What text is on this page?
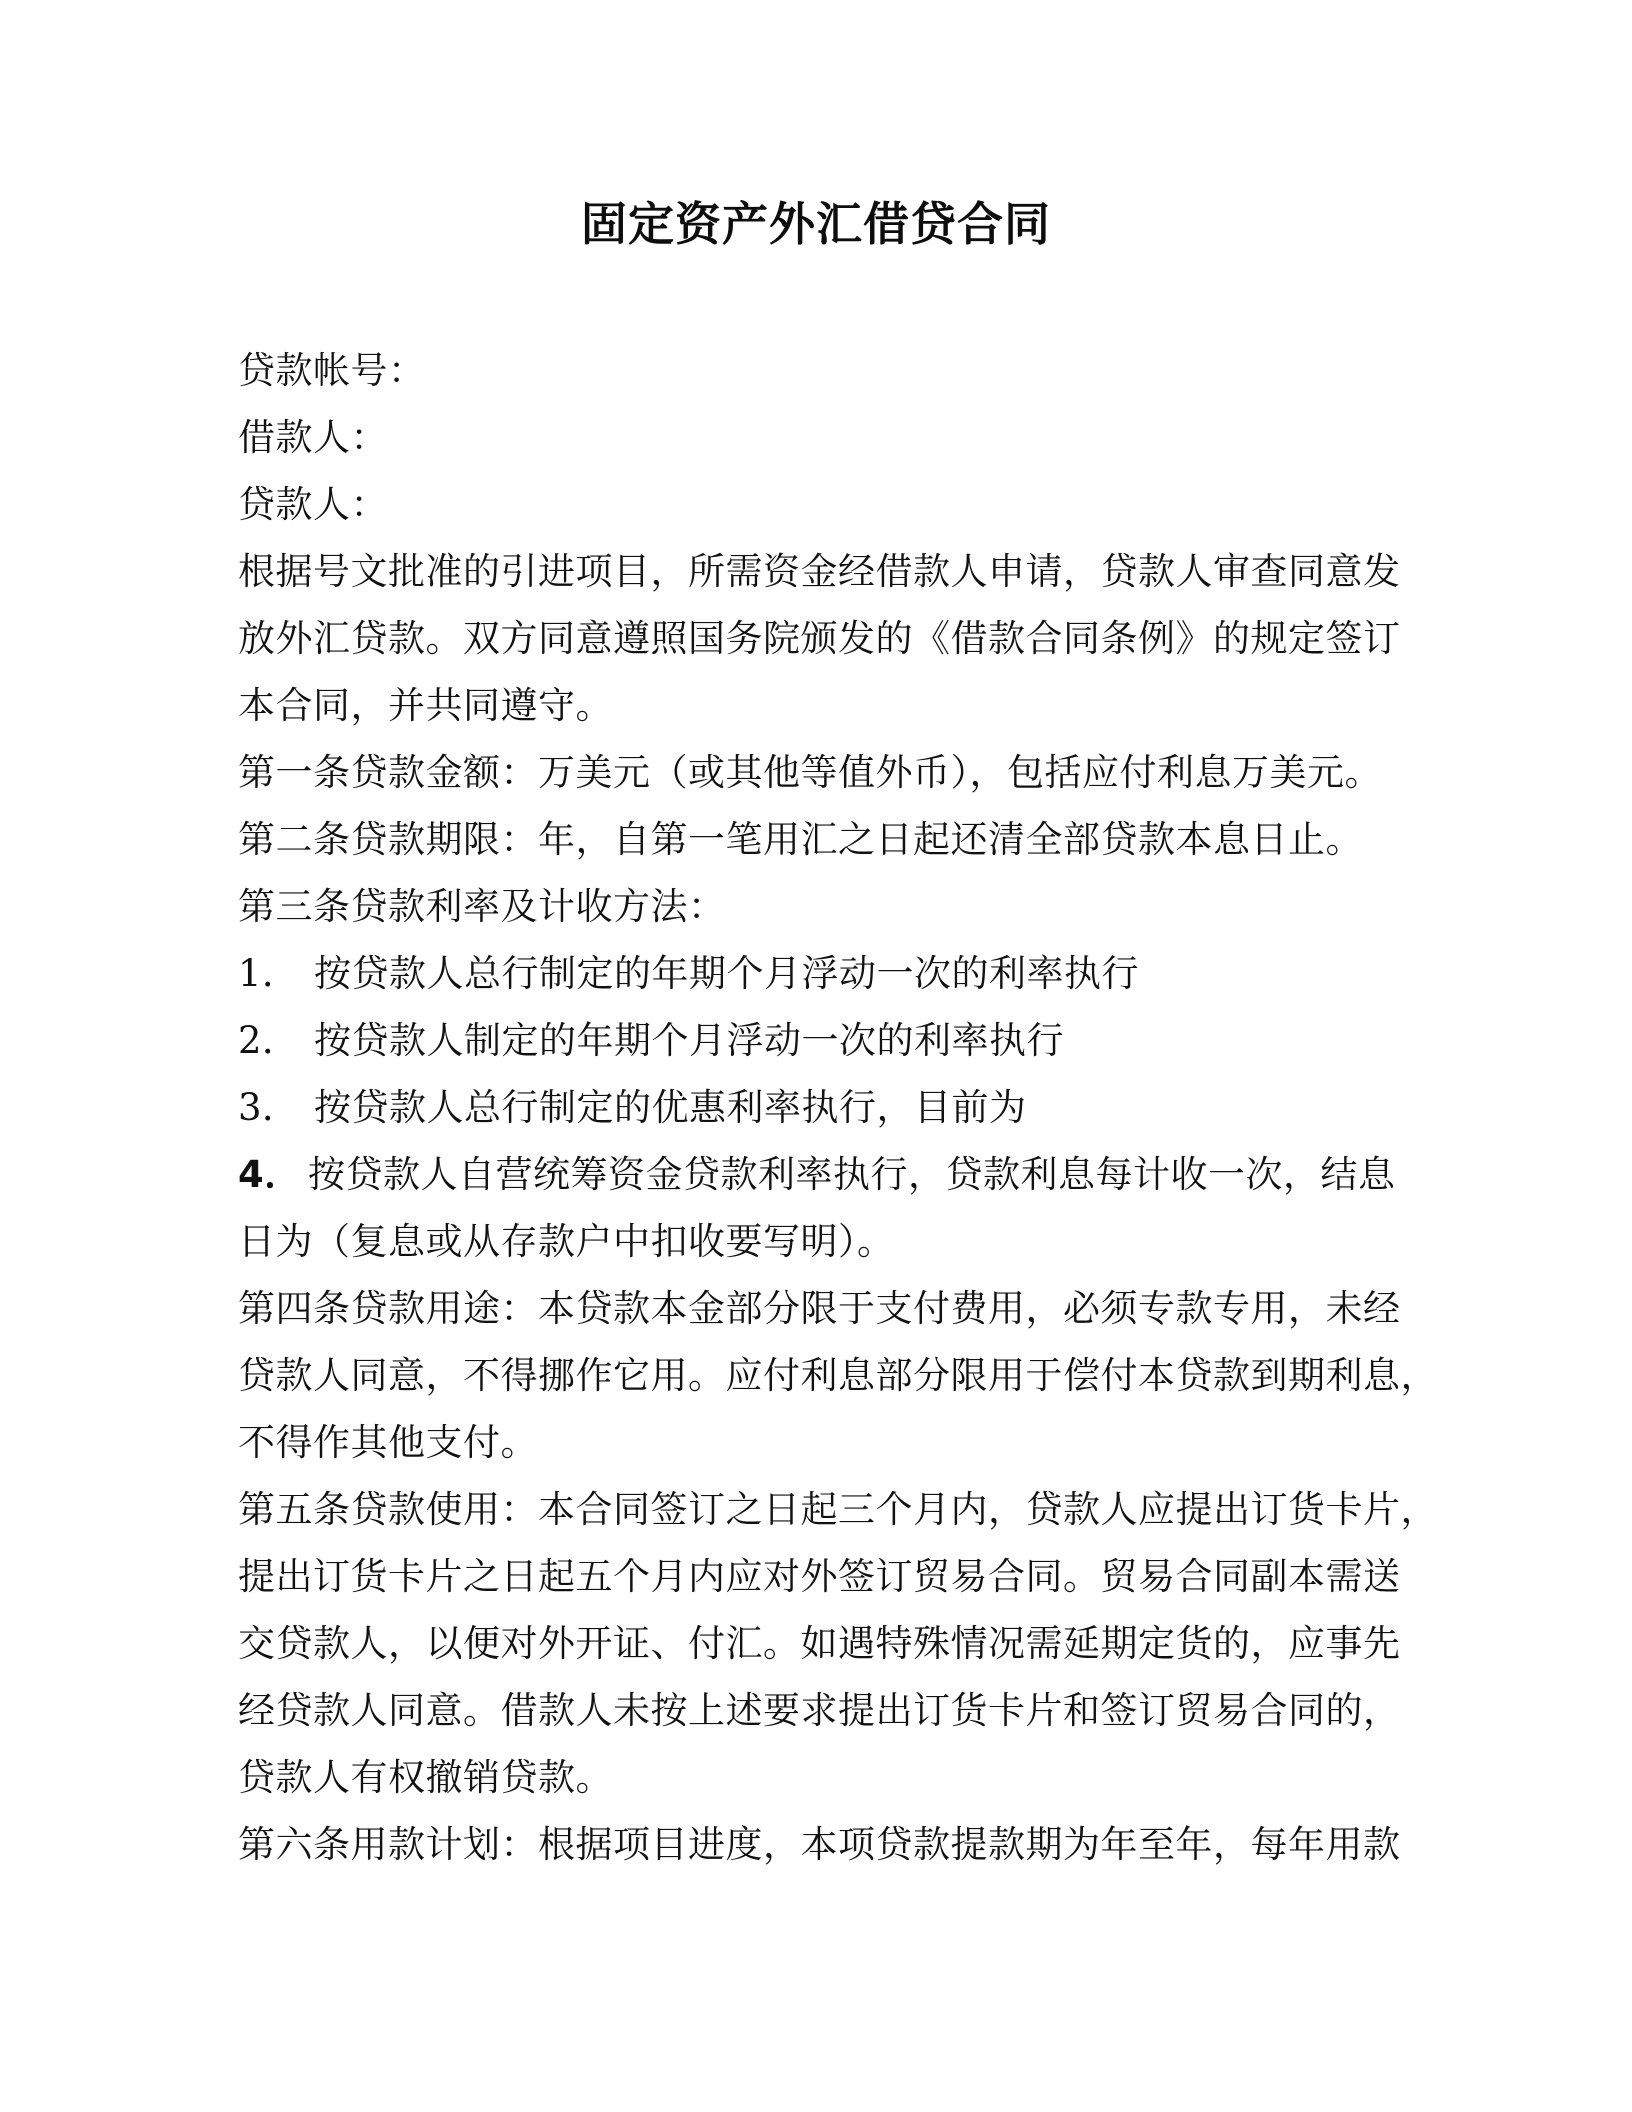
固定资产外汇借贷合同
贷款帐号：
借款人：
贷款人：
根据号文批准的引进项目，所需资金经借款人申请，贷款人审查同意发
放外汇贷款。双方同意遵照国务院颁发的《借款合同条例》的规定签订
本合同，并共同遵守。
第一条贷款金额：万美元（或其他等值外币），包括应付利息万美元。
第二条贷款期限：年，自第一笔用汇之日起还清全部贷款本息日止。
第三条贷款利率及计收方法：
1． 按贷款人总行制定的年期个月浮动一次的利率执行
2． 按贷款人制定的年期个月浮动一次的利率执行
3． 按贷款人总行制定的优惠利率执行，目前为
4． 按贷款人自营统筹资金贷款利率执行，贷款利息每计收一次，结息
日为（复息或从存款户中扣收要写明）。
第四条贷款用途：本贷款本金部分限于支付费用，必须专款专用，未经
贷款人同意，不得挪作它用。应付利息部分限用于偿付本贷款到期利息，
不得作其他支付。
第五条贷款使用：本合同签订之日起三个月内，贷款人应提出订货卡片，
提出订货卡片之日起五个月内应对外签订贸易合同。贸易合同副本需送
交贷款人，以便对外开证、付汇。如遇特殊情况需延期定货的，应事先
经贷款人同意。借款人未按上述要求提出订货卡片和签订贸易合同的，
贷款人有权撤销贷款。
第六条用款计划：根据项目进度，本项贷款提款期为年至年，每年用款
